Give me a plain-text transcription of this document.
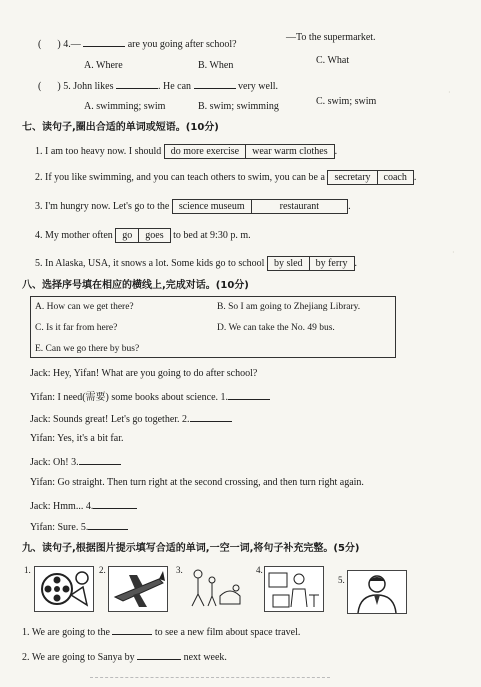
·
·
( ) 4.—	are you going after school?
—To the supermarket.
A. Where	B. When	C. What
( ) 5. John likes	. He can	very well.
A. swimming; swim	B. swim; swimming	C. swim; swim
七、读句子,圈出合适的单词或短语。(10分)
1. I am too heavy now. I should do more exercise	wear warm clothes .
2. If you like swimming, and you can teach others to swim, you can be a secretary	coach .
3. I'm hungry now. Let's go to the science museum	restaurant	.
4. My mother often go	goes to bed at 9:30 p. m.
5. In Alaska, USA, it snows a lot. Some kids go to school by sled	by ferry .
八、选择序号填在相应的横线上,完成对话。(10分)
A. How can we get there?	B. So I am going to Zhejiang Library.
C. Is it far from here?	D. We can take the No. 49 bus.
E. Can we go there by bus?
Jack: Hey, Yifan! What are you going to do after school?
Yifan: I need(需要) some books about science. 1.
Jack: Sounds great! Let's go together. 2.
Yifan: Yes, it's a bit far.
Jack: Oh! 3.
Yifan: Go straight. Then turn right at the second crossing, and then turn right again.
Jack: Hmm... 4.
Yifan: Sure. 5.
九、读句子,根据图片提示填写合适的单词,一空一词,将句子补充完整。(5分)
1.	2.	3.	4.
5.
1. We are going to the	to see a new film about space travel.
2. We are going to Sanya by	next week.
